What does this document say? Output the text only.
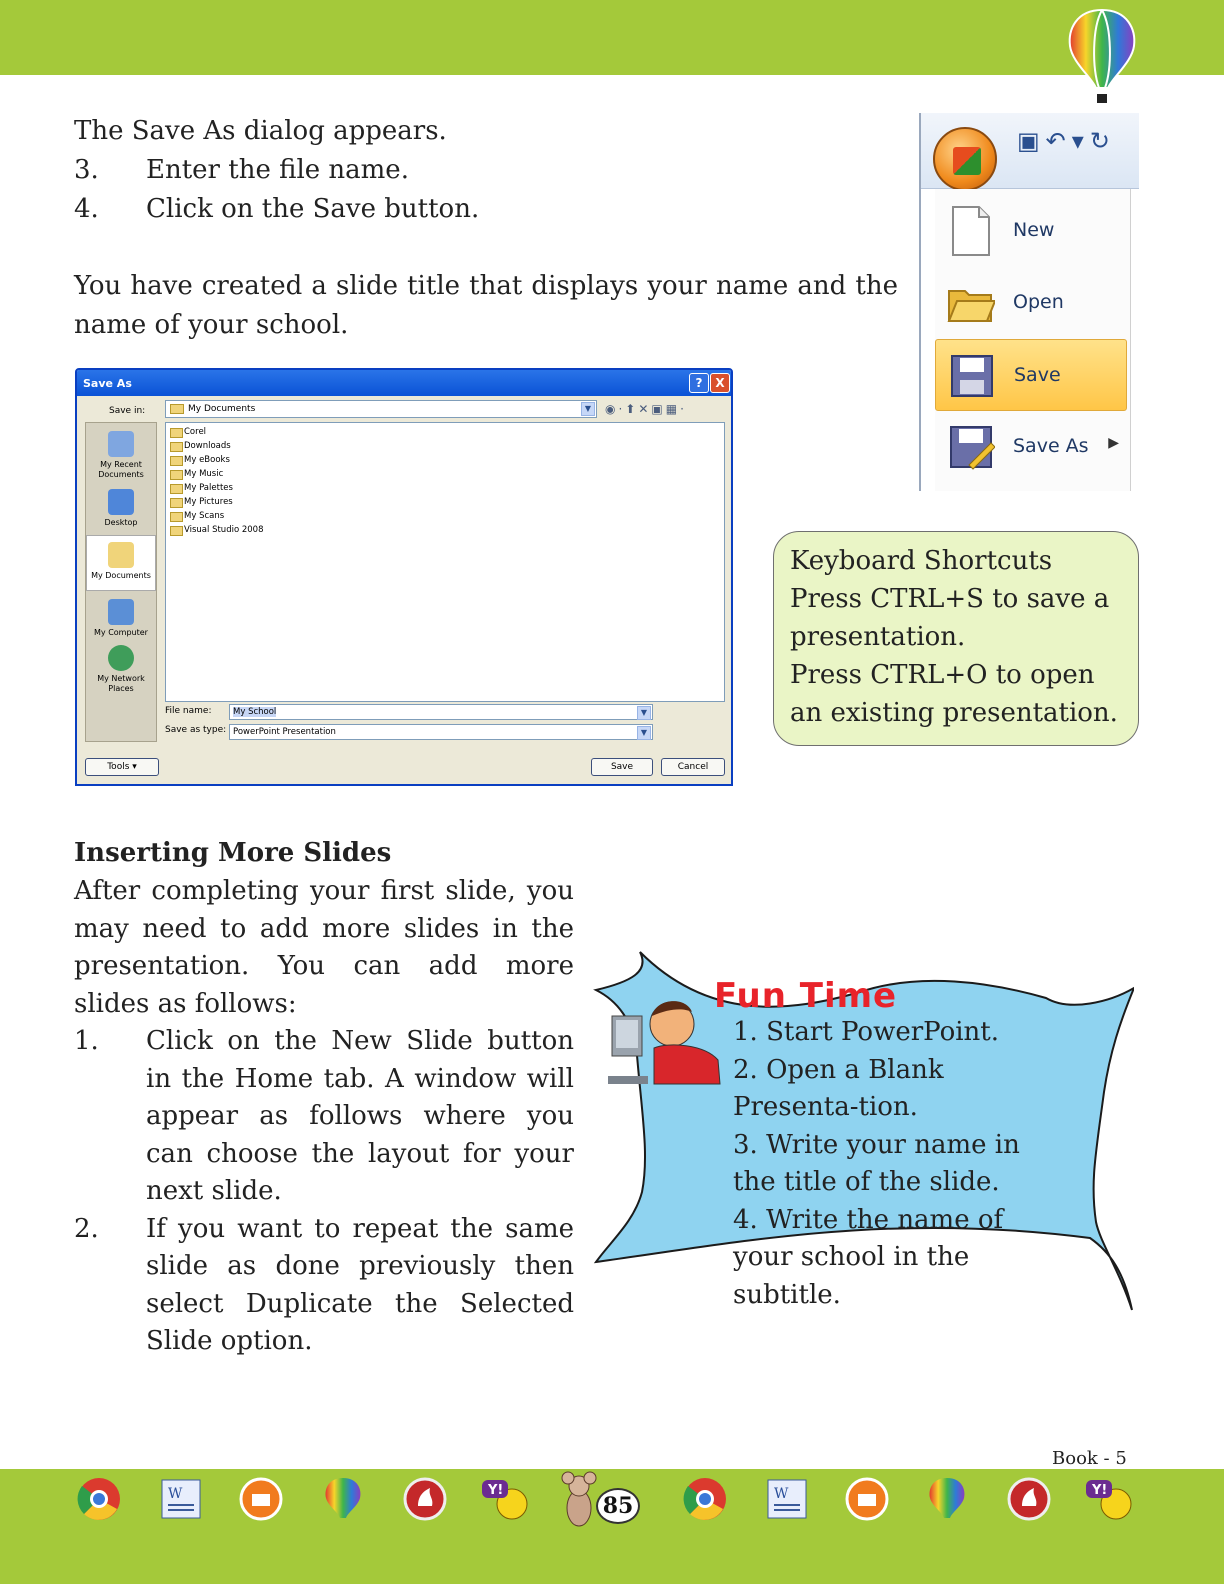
The Save As dialog appears.
3. Enter the file name.
4. Click on the Save button.
You have created a slide title that displays your name and the name of your school.
▣↶▾↻
New
Open
Save
Save As ▶
Save As	?	X
Save in:	My Documents	▼	◉·⬆✕▣▦·
My Recent Documents
Desktop
My Documents
My Computer
My Network Places
Corel
Downloads
My eBooks
My Music
My Palettes
My Pictures
My Scans
Visual Studio 2008
File name:	My School	▼
Save as type: PowerPoint Presentation	▼
Tools ▾	Save	Cancel
Keyboard Shortcuts
Press CTRL+S to save a presentation.
Press CTRL+O to open an existing presentation.
Inserting More Slides
After completing your first slide, you may need to add more slides in the presentation. You can add more slides as follows:
1. Click on the New Slide button in the Home tab. A window will appear as follows where you can choose the layout for your next slide.
2. If you want to repeat the same slide as done previously then select Duplicate the Selected Slide option.
Fun Time
1. Start PowerPoint.
2. Open a Blank Presenta-tion.
3. Write your name in the title of the slide.
4. Write the name of your school in the subtitle.
Book - 5
W	Y!
85	W	Y!
